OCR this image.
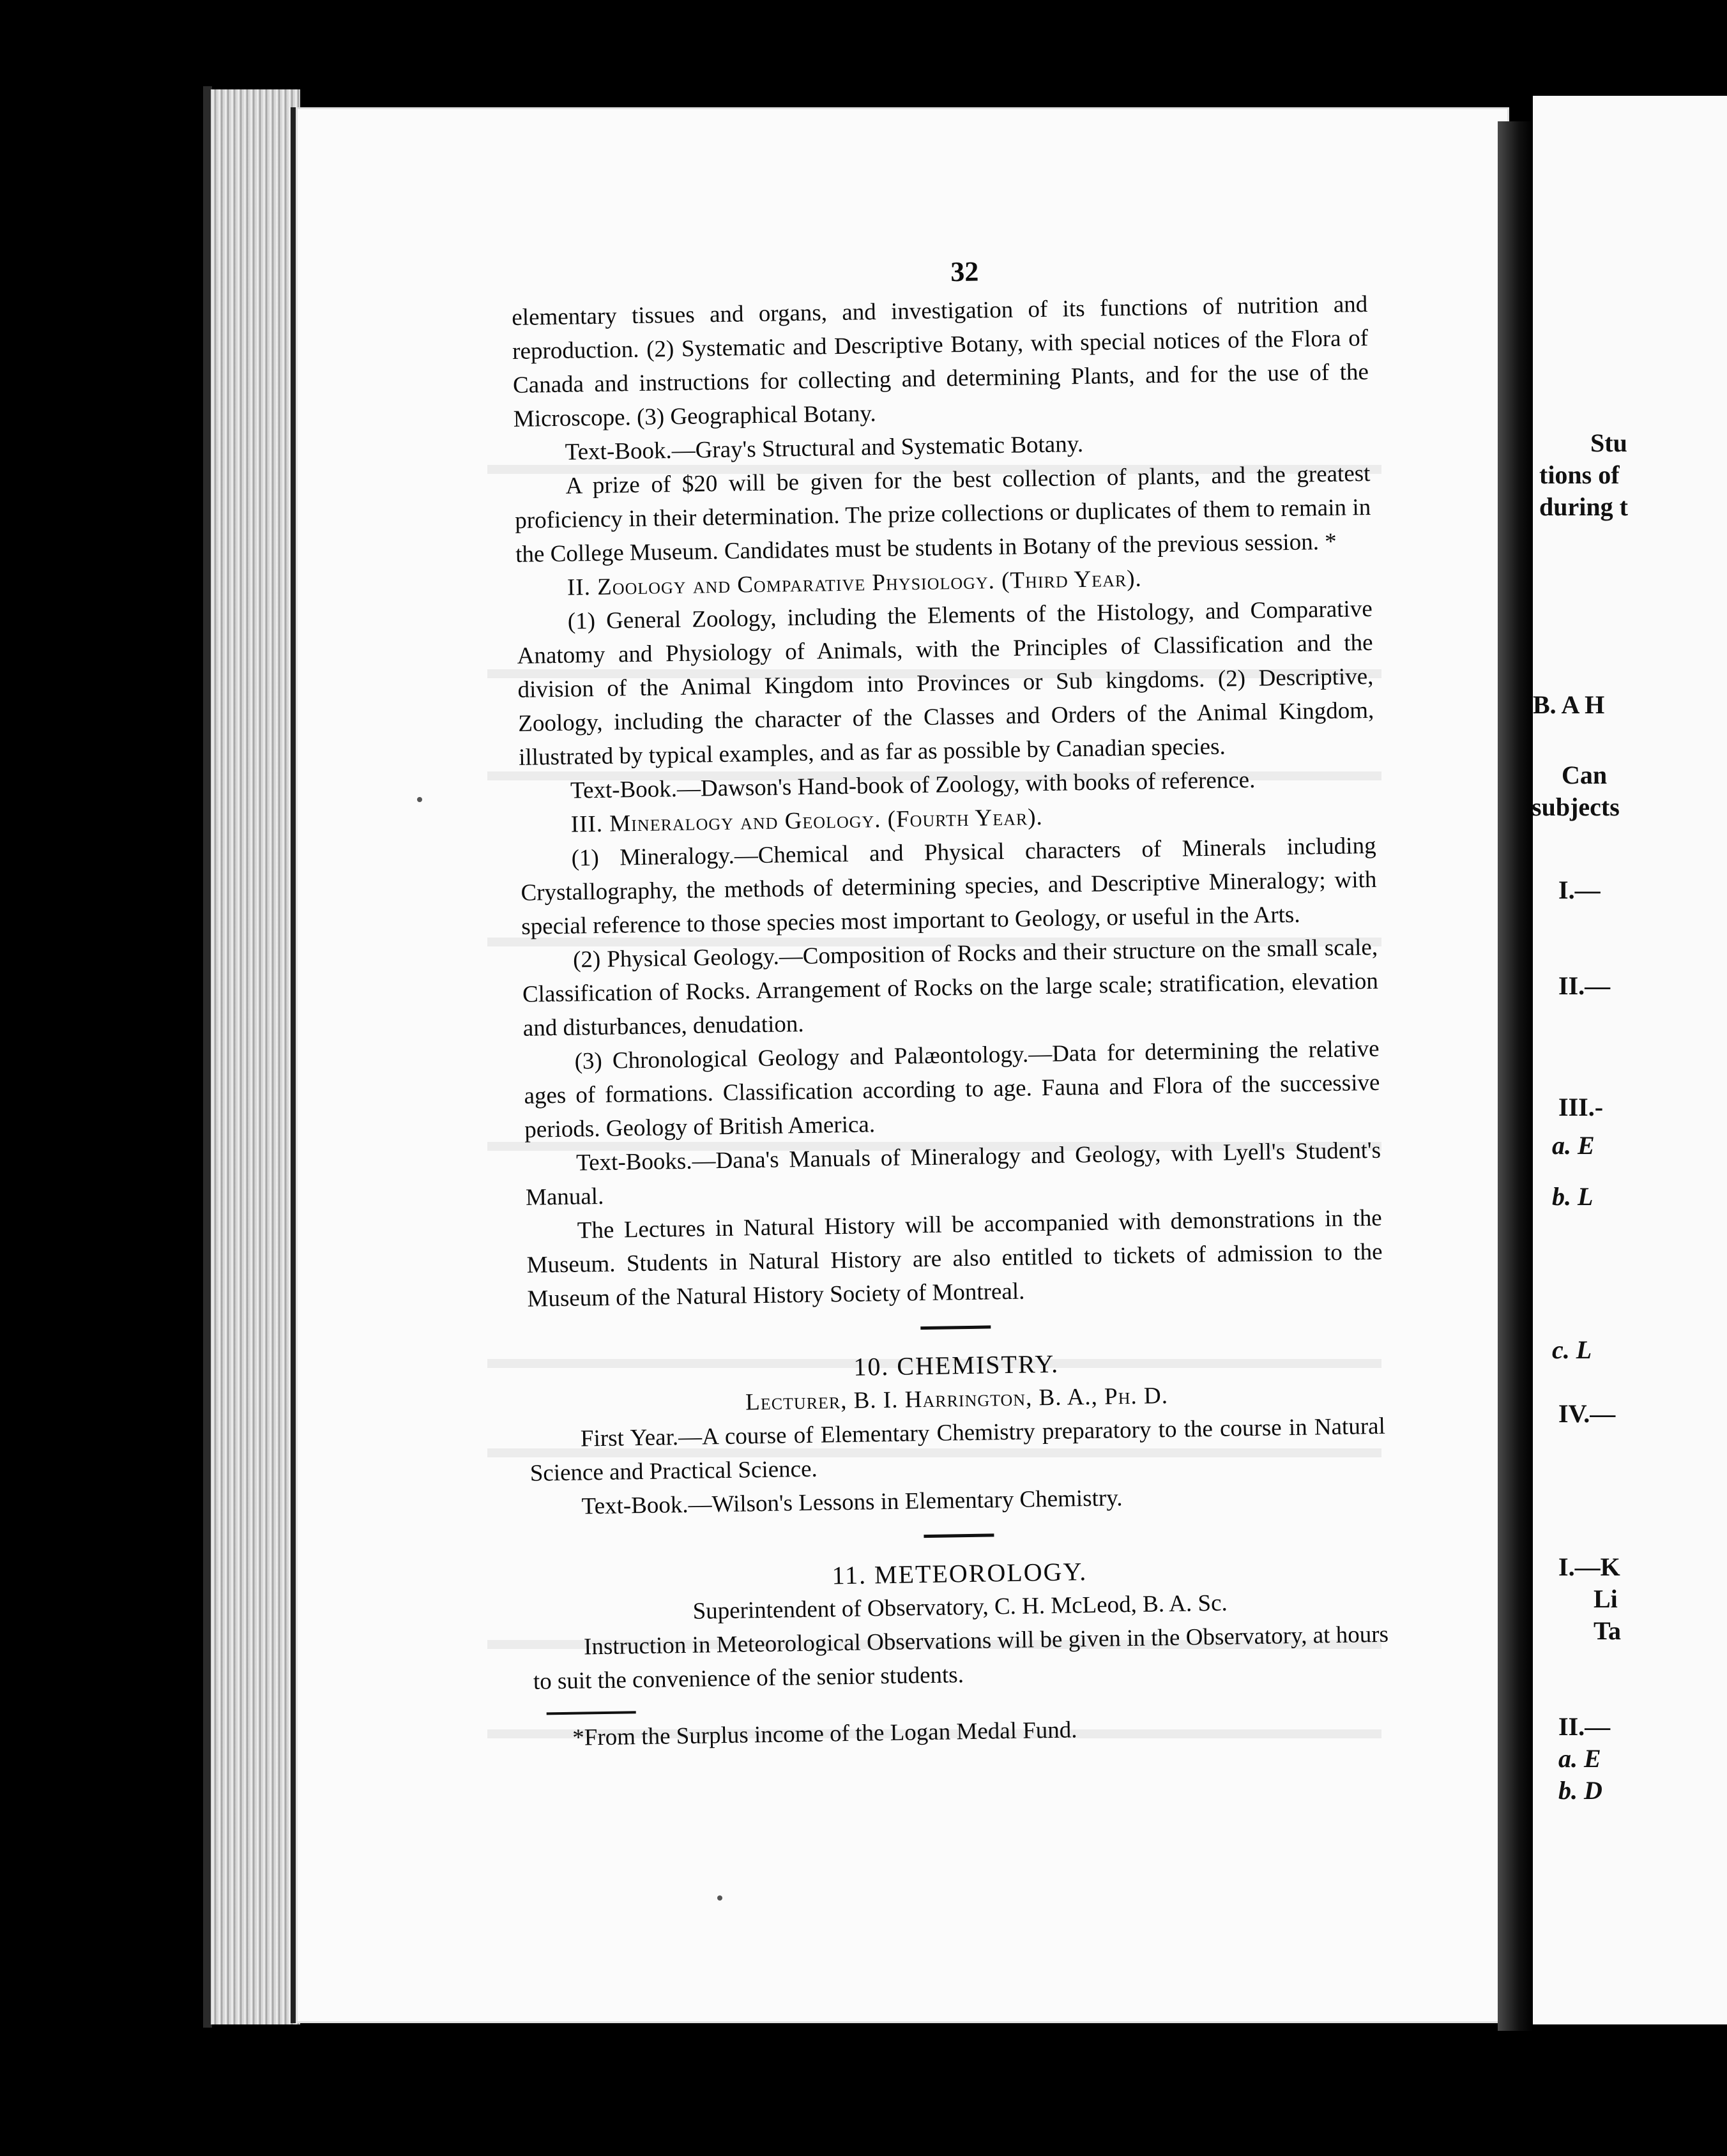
Stu
tions of
during t
B. A H
Can
subjects
I.—
II.—
III.-
a. E
b. L
c. L
IV.—
I.—K
Li
Ta
II.—
a. E
b. D
32

elementary tissues and organs, and investigation of its functions of nutrition and reproduction. (2) Systematic and Descriptive Botany, with special notices of the Flora of Canada and instructions for collecting and determining Plants, and for the use of the Microscope. (3) Geographical Botany.

Text-Book.—Gray's Structural and Systematic Botany.

A prize of $20 will be given for the best collection of plants, and the greatest proficiency in their determination. The prize collections or duplicates of them to remain in the College Museum. Candidates must be students in Botany of the previous session. *

II. Zoology and Comparative Physiology. (Third Year).

(1) General Zoology, including the Elements of the Histology, and Comparative Anatomy and Physiology of Animals, with the Principles of Classification and the division of the Animal Kingdom into Provinces or Sub kingdoms. (2) Descriptive, Zoology, including the character of the Classes and Orders of the Animal Kingdom, illustrated by typical examples, and as far as possible by Canadian species.

Text-Book.—Dawson's Hand-book of Zoology, with books of reference.

III. Mineralogy and Geology. (Fourth Year).

(1) Mineralogy.—Chemical and Physical characters of Minerals including Crystallography, the methods of determining species, and Descriptive Mineralogy; with special reference to those species most important to Geology, or useful in the Arts.

(2) Physical Geology.—Composition of Rocks and their structure on the small scale, Classification of Rocks. Arrangement of Rocks on the large scale; stratification, elevation and disturbances, denudation.

(3) Chronological Geology and Palæontology.—Data for determining the relative ages of formations. Classification according to age. Fauna and Flora of the successive periods. Geology of British America.

Text-Books.—Dana's Manuals of Mineralogy and Geology, with Lyell's Student's Manual.

The Lectures in Natural History will be accompanied with demonstrations in the Museum. Students in Natural History are also entitled to tickets of admission to the Museum of the Natural History Society of Montreal.

10. CHEMISTRY.

Lecturer, B. I. Harrington, B. A., Ph. D.

First Year.—A course of Elementary Chemistry preparatory to the course in Natural Science and Practical Science.

Text-Book.—Wilson's Lessons in Elementary Chemistry.

11. METEOROLOGY.

Superintendent of Observatory, C. H. McLeod, B. A. Sc.

Instruction in Meteorological Observations will be given in the Observatory, at hours to suit the convenience of the senior students.

*From the Surplus income of the Logan Medal Fund.
